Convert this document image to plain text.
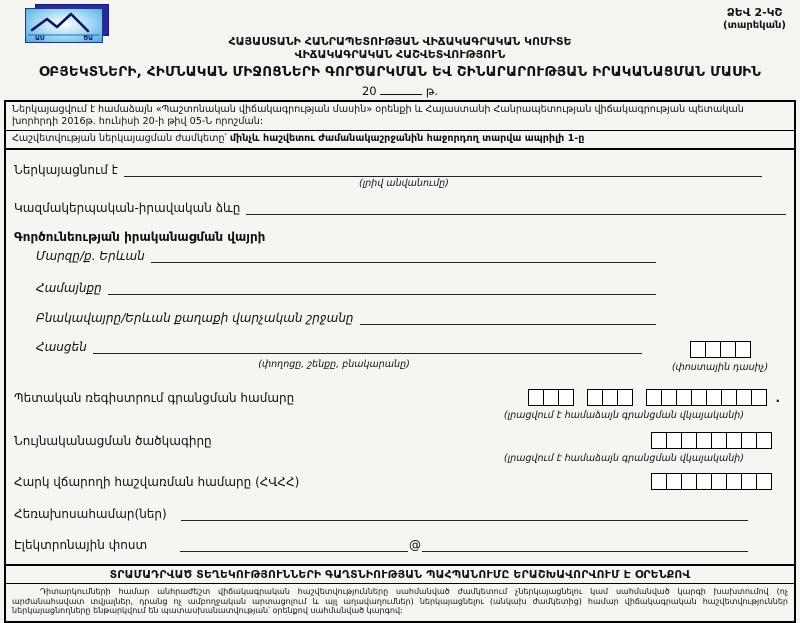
ԱՍ	ԾԱ
ՁԵՎ 2-ԿՇ
(տարեկան)
ՀԱՅԱՍՏԱՆԻ ՀԱՆՐԱՊԵՏՈՒԹՅԱՆ ՎԻՃԱԿԱԳՐԱԿԱՆ ԿՈՄԻՏԵ
ՎԻՃԱԿԱԳՐԱԿԱՆ ՀԱՇՎԵՏՎՈՒԹՅՈՒՆ
ՕԲՅԵԿՏՆԵՐԻ, ՀԻՄՆԱԿԱՆ ՄԻՋՈՑՆԵՐԻ ԳՈՐԾԱՐԿՄԱՆ ԵՎ ՇԻՆԱՐԱՐՈՒԹՅԱՆ ԻՐԱԿԱՆԱՑՄԱՆ ՄԱՍԻՆ
20	թ.
Ներկայացվում է համաձայն «Պաշտոնական վիճակագրության մասին» օրենքի և Հայաստանի Հանրապետության վիճակագրության պետական խորհրդի 2016թ. հունիսի 20-ի թիվ 05-Ն որոշման:
Հաշվետվության ներկայացման ժամկետը՝ մինչև հաշվետու ժամանակաշրջանին հաջորդող տարվա ապրիլի 1-ը
Ներկայացնում է
(լրիվ անվանումը)
Կազմակերպական-իրավական ձևը
Գործունեության իրականացման վայրի
Մարզը/ք. Երևան
Համայնքը
Բնակավայրը/Երևան քաղաքի վարչական շրջանը
Հասցեն
(փողոցը, շենքը, բնակարանը)	(փոստային դասիչ)
Պետական ռեգիստրում գրանցման համարը	.
(լրացվում է համաձայն գրանցման վկայականի)
Նույնականացման ծածկագիրը
(լրացվում է համաձայն գրանցման վկայականի)
Հարկ վճարողի հաշվառման համարը (ՀՎՀՀ)
Հեռախոսահամար(ներ)
Էլեկտրոնային փոստ	@
ՏՐԱՄԱԴՐՎԱԾ ՏԵՂԵԿՈՒԹՅՈՒՆՆԵՐԻ ԳԱՂՏՆԻՈՒԹՅԱՆ ՊԱՀՊԱՆՈՒՄԸ ԵՐԱՇԽԱՎՈՐՎՈՒՄ Է ՕՐԵՆՔՈՎ
Դիտարկումների համար անհրաժեշտ վիճակագրական հաշվետվությունները սահմանված ժամկետում չներկայացնելու կամ սահմանված կարգի խախտումով (ոչ արժանահավատ տվյալներ, դրանց ոչ ամբողջական արտացոլում և այլ աղավաղումներ) ներկայացնելու (անկախ ժամկետից) համար վիճակագրական հաշվետվություններ ներկայացնողները ենթարկվում են պատասխանատվության՝ օրենքով սահմանված կարգով:
